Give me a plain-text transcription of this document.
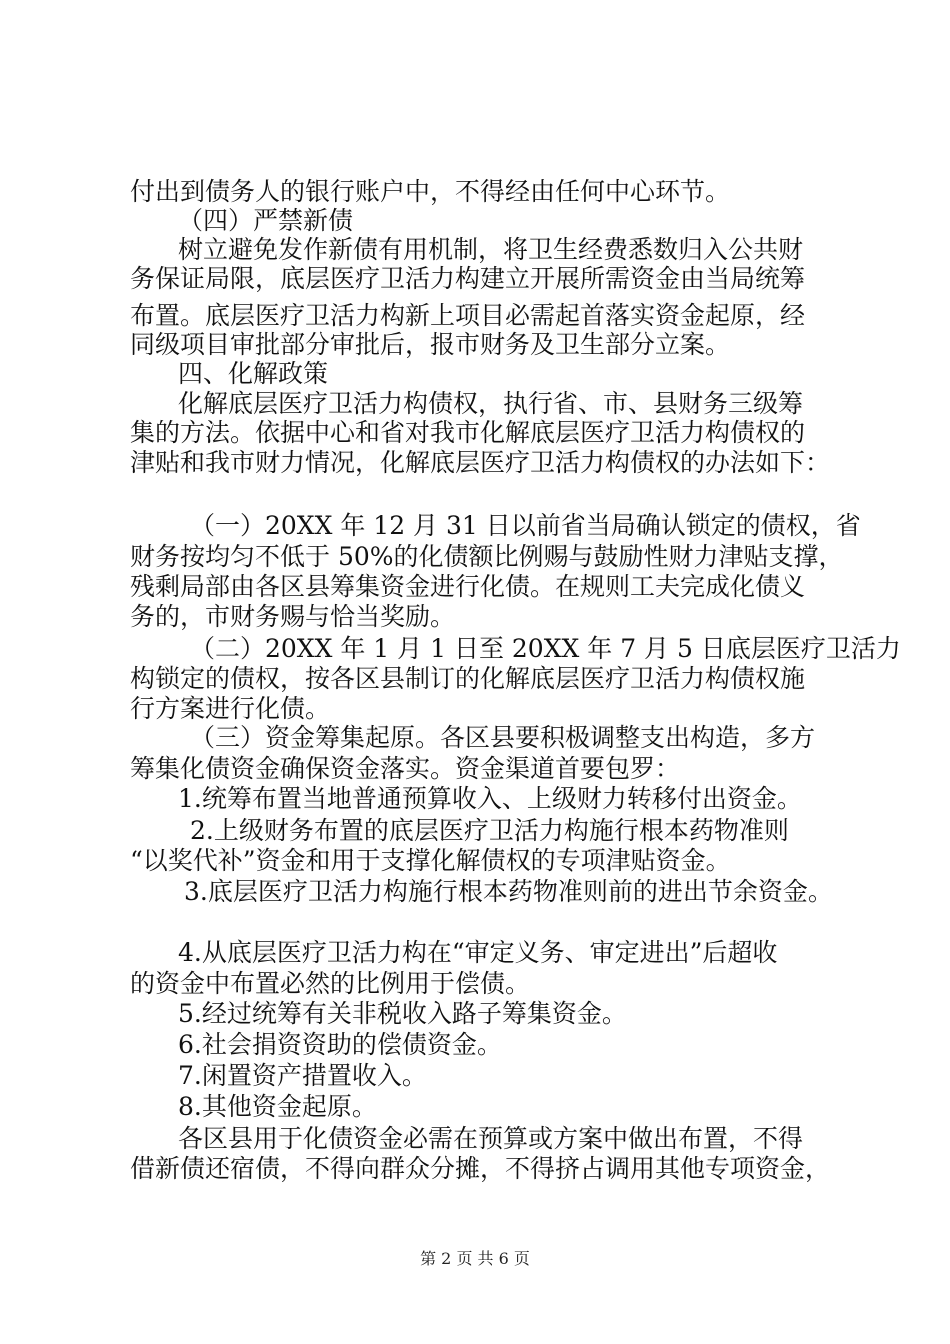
付出到债务人的银行账户中，不得经由任何中心环节。
（四）严禁新债
树立避免发作新债有用机制，将卫生经费悉数归入公共财
务保证局限，底层医疗卫活力构建立开展所需资金由当局统筹
布置。底层医疗卫活力构新上项目必需起首落实资金起原，经
同级项目审批部分审批后，报市财务及卫生部分立案。
四、化解政策
化解底层医疗卫活力构债权，执行省、市、县财务三级筹
集的方法。依据中心和省对我市化解底层医疗卫活力构债权的
津贴和我市财力情况，化解底层医疗卫活力构债权的办法如下：
（一）20XX 年 12 月 31 日以前省当局确认锁定的债权，省
财务按均匀不低于 50%的化债额比例赐与鼓励性财力津贴支撑，
残剩局部由各区县筹集资金进行化债。在规则工夫完成化债义
务的，市财务赐与恰当奖励。
（二）20XX 年 1 月 1 日至 20XX 年 7 月 5 日底层医疗卫活力
构锁定的债权，按各区县制订的化解底层医疗卫活力构债权施
行方案进行化债。
（三）资金筹集起原。各区县要积极调整支出构造，多方
筹集化债资金确保资金落实。资金渠道首要包罗：
1.统筹布置当地普通预算收入、上级财力转移付出资金。
2.上级财务布置的底层医疗卫活力构施行根本药物准则
“以奖代补”资金和用于支撑化解债权的专项津贴资金。
3.底层医疗卫活力构施行根本药物准则前的进出节余资金。
4.从底层医疗卫活力构在“审定义务、审定进出”后超收
的资金中布置必然的比例用于偿债。
5.经过统筹有关非税收入路子筹集资金。
6.社会捐资资助的偿债资金。
7.闲置资产措置收入。
8.其他资金起原。
各区县用于化债资金必需在预算或方案中做出布置，不得
借新债还宿债，不得向群众分摊，不得挤占调用其他专项资金，
第 2 页 共 6 页
